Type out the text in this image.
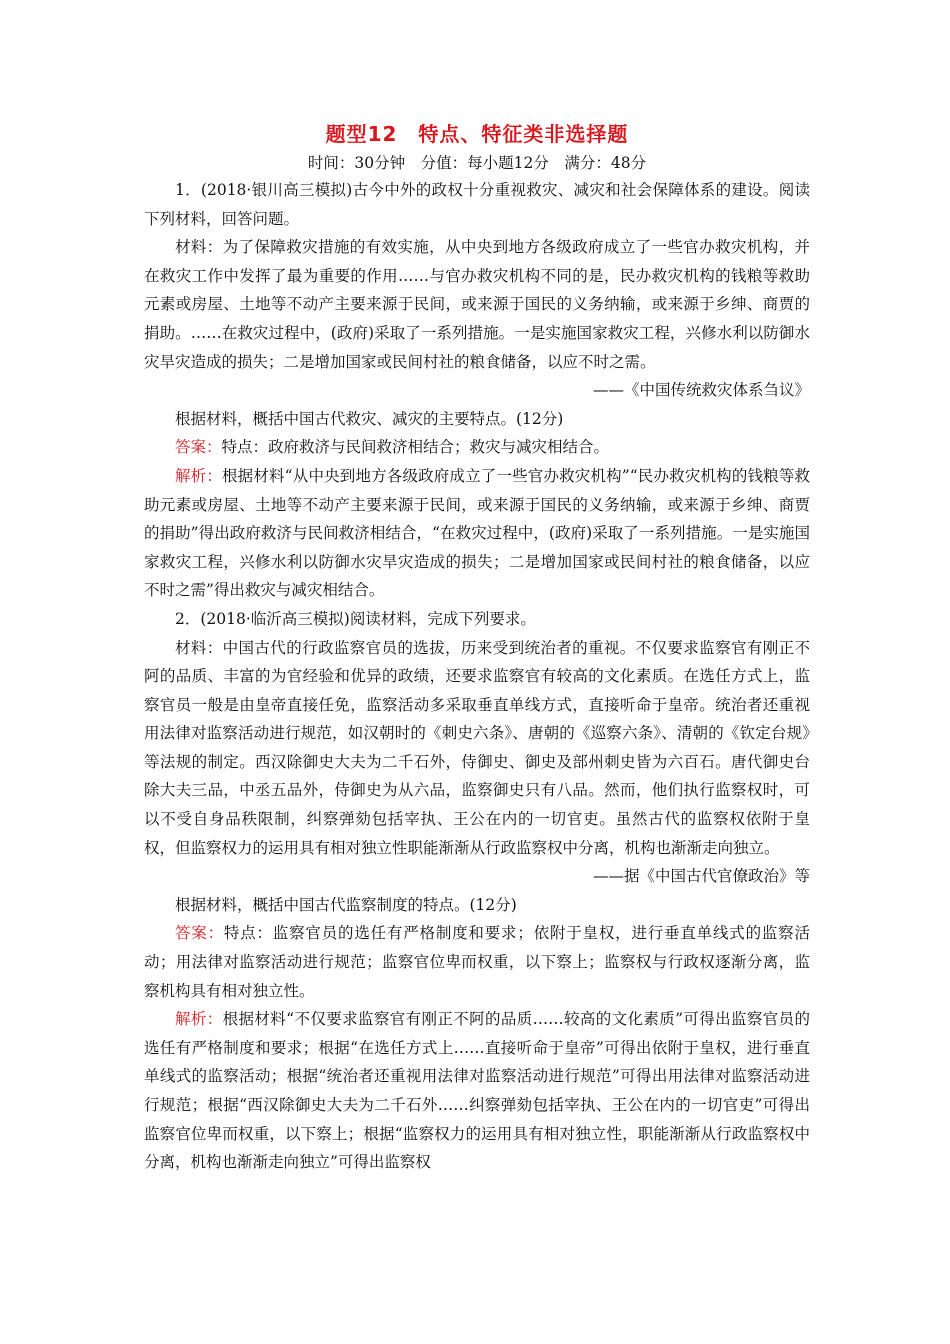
题型12　特点、特征类非选择题
时间：30分钟　分值：每小题12分　满分：48分

1．(2018·银川高三模拟)古今中外的政权十分重视救灾、减灾和社会保障体系的建设。阅读下列材料，回答问题。

材料：为了保障救灾措施的有效实施，从中央到地方各级政府成立了一些官办救灾机构，并在救灾工作中发挥了最为重要的作用……与官办救灾机构不同的是，民办救灾机构的钱粮等救助元素或房屋、土地等不动产主要来源于民间，或来源于国民的义务纳输，或来源于乡绅、商贾的捐助。……在救灾过程中，(政府)采取了一系列措施。一是实施国家救灾工程，兴修水利以防御水灾旱灾造成的损失；二是增加国家或民间村社的粮食储备，以应不时之需。

——《中国传统救灾体系刍议》

根据材料，概括中国古代救灾、减灾的主要特点。(12分)

答案：特点：政府救济与民间救济相结合；救灾与减灾相结合。

解析：根据材料“从中央到地方各级政府成立了一些官办救灾机构”“民办救灾机构的钱粮等救助元素或房屋、土地等不动产主要来源于民间，或来源于国民的义务纳输，或来源于乡绅、商贾的捐助”得出政府救济与民间救济相结合，“在救灾过程中，(政府)采取了一系列措施。一是实施国家救灾工程，兴修水利以防御水灾旱灾造成的损失；二是增加国家或民间村社的粮食储备，以应不时之需”得出救灾与减灾相结合。

2．(2018·临沂高三模拟)阅读材料，完成下列要求。

材料：中国古代的行政监察官员的选拔，历来受到统治者的重视。不仅要求监察官有刚正不阿的品质、丰富的为官经验和优异的政绩，还要求监察官有较高的文化素质。在选任方式上，监察官员一般是由皇帝直接任免，监察活动多采取垂直单线方式，直接听命于皇帝。统治者还重视用法律对监察活动进行规范，如汉朝时的《刺史六条》、唐朝的《巡察六条》、清朝的《钦定台规》等法规的制定。西汉除御史大夫为二千石外，侍御史、御史及部州刺史皆为六百石。唐代御史台除大夫三品，中丞五品外，侍御史为从六品，监察御史只有八品。然而，他们执行监察权时，可以不受自身品秩限制，纠察弹劾包括宰执、王公在内的一切官吏。虽然古代的监察权依附于皇权，但监察权力的运用具有相对独立性职能渐渐从行政监察权中分离，机构也渐渐走向独立。

——据《中国古代官僚政治》等

根据材料，概括中国古代监察制度的特点。(12分)

答案：特点：监察官员的选任有严格制度和要求；依附于皇权，进行垂直单线式的监察活动；用法律对监察活动进行规范；监察官位卑而权重，以下察上；监察权与行政权逐渐分离，监察机构具有相对独立性。

解析：根据材料“不仅要求监察官有刚正不阿的品质……较高的文化素质”可得出监察官员的选任有严格制度和要求；根据“在选任方式上……直接听命于皇帝”可得出依附于皇权，进行垂直单线式的监察活动；根据“统治者还重视用法律对监察活动进行规范”可得出用法律对监察活动进行规范；根据“西汉除御史大夫为二千石外……纠察弹劾包括宰执、王公在内的一切官吏”可得出监察官位卑而权重，以下察上；根据“监察权力的运用具有相对独立性，职能渐渐从行政监察权中分离，机构也渐渐走向独立”可得出监察权
